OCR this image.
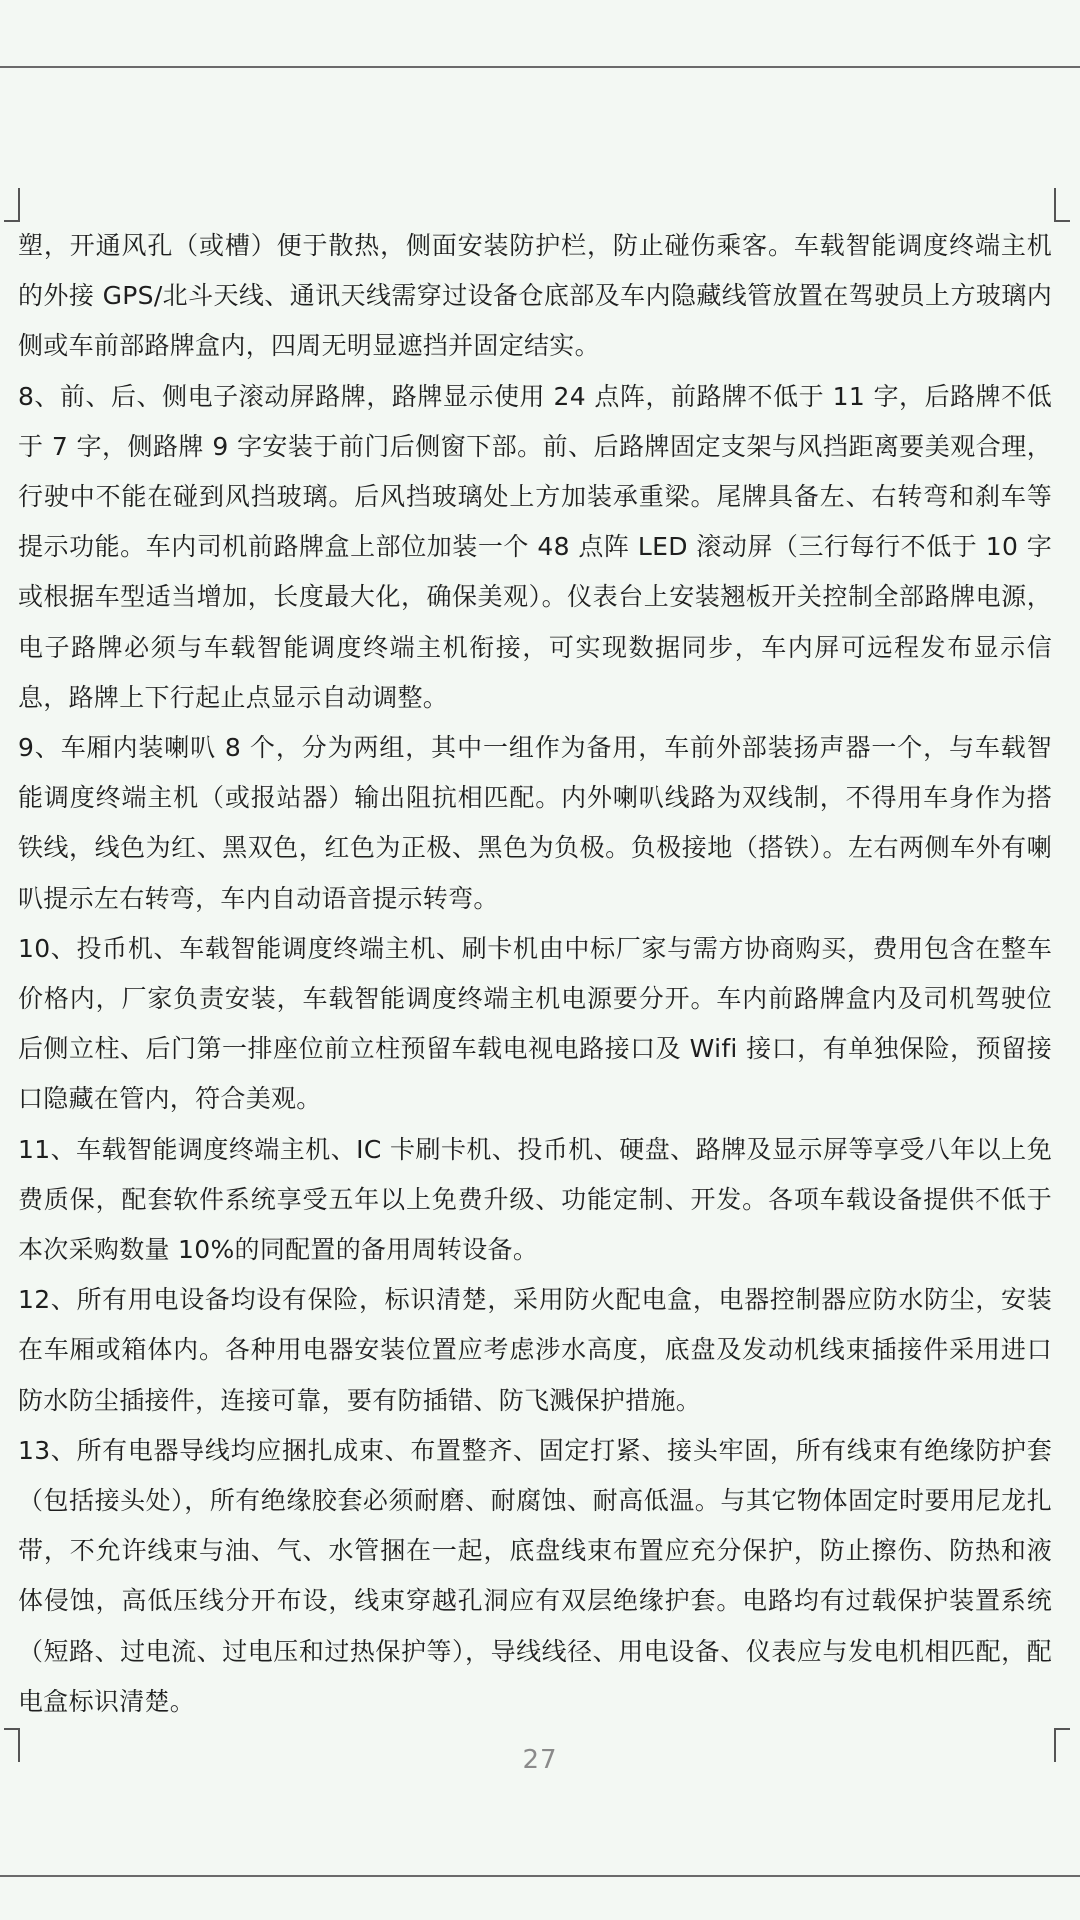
塑，开通风孔（或槽）便于散热，侧面安装防护栏，防止碰伤乘客。车载智能调度终端主机的外接 GPS/北斗天线、通讯天线需穿过设备仓底部及车内隐藏线管放置在驾驶员上方玻璃内侧或车前部路牌盒内，四周无明显遮挡并固定结实。

8、前、后、侧电子滚动屏路牌，路牌显示使用 24 点阵，前路牌不低于 11 字，后路牌不低于 7 字，侧路牌 9 字安装于前门后侧窗下部。前、后路牌固定支架与风挡距离要美观合理，行驶中不能在碰到风挡玻璃。后风挡玻璃处上方加装承重梁。尾牌具备左、右转弯和刹车等提示功能。车内司机前路牌盒上部位加装一个 48 点阵 LED 滚动屏（三行每行不低于 10 字或根据车型适当增加，长度最大化，确保美观）。仪表台上安装翘板开关控制全部路牌电源，电子路牌必须与车载智能调度终端主机衔接，可实现数据同步，车内屏可远程发布显示信息，路牌上下行起止点显示自动调整。

9、车厢内装喇叭 8 个，分为两组，其中一组作为备用，车前外部装扬声器一个，与车载智能调度终端主机（或报站器）输出阻抗相匹配。内外喇叭线路为双线制，不得用车身作为搭铁线，线色为红、黑双色，红色为正极、黑色为负极。负极接地（搭铁）。左右两侧车外有喇叭提示左右转弯，车内自动语音提示转弯。

10、投币机、车载智能调度终端主机、刷卡机由中标厂家与需方协商购买，费用包含在整车价格内，厂家负责安装，车载智能调度终端主机电源要分开。车内前路牌盒内及司机驾驶位后侧立柱、后门第一排座位前立柱预留车载电视电路接口及 Wifi 接口，有单独保险，预留接口隐藏在管内，符合美观。

11、车载智能调度终端主机、IC 卡刷卡机、投币机、硬盘、路牌及显示屏等享受八年以上免费质保，配套软件系统享受五年以上免费升级、功能定制、开发。各项车载设备提供不低于本次采购数量 10%的同配置的备用周转设备。

12、所有用电设备均设有保险，标识清楚，采用防火配电盒，电器控制器应防水防尘，安装在车厢或箱体内。各种用电器安装位置应考虑涉水高度，底盘及发动机线束插接件采用进口防水防尘插接件，连接可靠，要有防插错、防飞溅保护措施。

13、所有电器导线均应捆扎成束、布置整齐、固定打紧、接头牢固，所有线束有绝缘防护套（包括接头处），所有绝缘胶套必须耐磨、耐腐蚀、耐高低温。与其它物体固定时要用尼龙扎带，不允许线束与油、气、水管捆在一起，底盘线束布置应充分保护，防止擦伤、防热和液体侵蚀，高低压线分开布设，线束穿越孔洞应有双层绝缘护套。电路均有过载保护装置系统（短路、过电流、过电压和过热保护等），导线线径、用电设备、仪表应与发电机相匹配，配电盒标识清楚。

27
